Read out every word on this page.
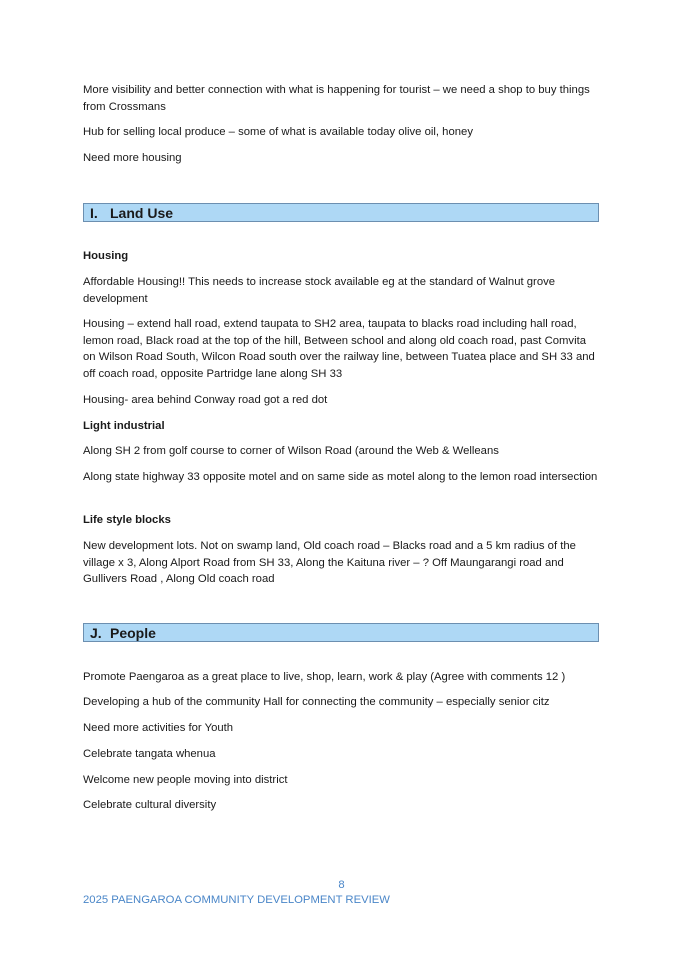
More visibility and better connection with what is happening for tourist – we need a shop to buy things from Crossmans

Hub for selling local produce – some of what is available today olive oil, honey

Need more housing

I. Land Use

Housing

Affordable Housing!! This needs to increase stock available eg at the standard of Walnut grove development

Housing – extend hall road, extend taupata to SH2 area, taupata to blacks road including hall road, lemon road, Black road at the top of the hill, Between school and along old coach road, past Comvita on Wilson Road South, Wilcon Road south over the railway line, between Tuatea place and SH 33 and off coach road, opposite Partridge lane along SH 33

Housing- area behind Conway road got a red dot

Light industrial

Along SH 2 from golf course to corner of Wilson Road (around the Web & Welleans

Along state highway 33 opposite motel and on same side as motel along to the lemon road intersection

Life style blocks

New development lots. Not on swamp land, Old coach road – Blacks road and a 5 km radius of the village x 3, Along Alport Road from SH 33, Along the Kaituna river – ? Off Maungarangi road and Gullivers Road , Along Old coach road

J. People

Promote Paengaroa as a great place to live, shop, learn, work & play (Agree with comments 12 )

Developing a hub of the community Hall for connecting the community – especially senior citz

Need more activities for Youth

Celebrate tangata whenua

Welcome new people moving into district

Celebrate cultural diversity

8
2025 PAENGAROA COMMUNITY DEVELOPMENT REVIEW
